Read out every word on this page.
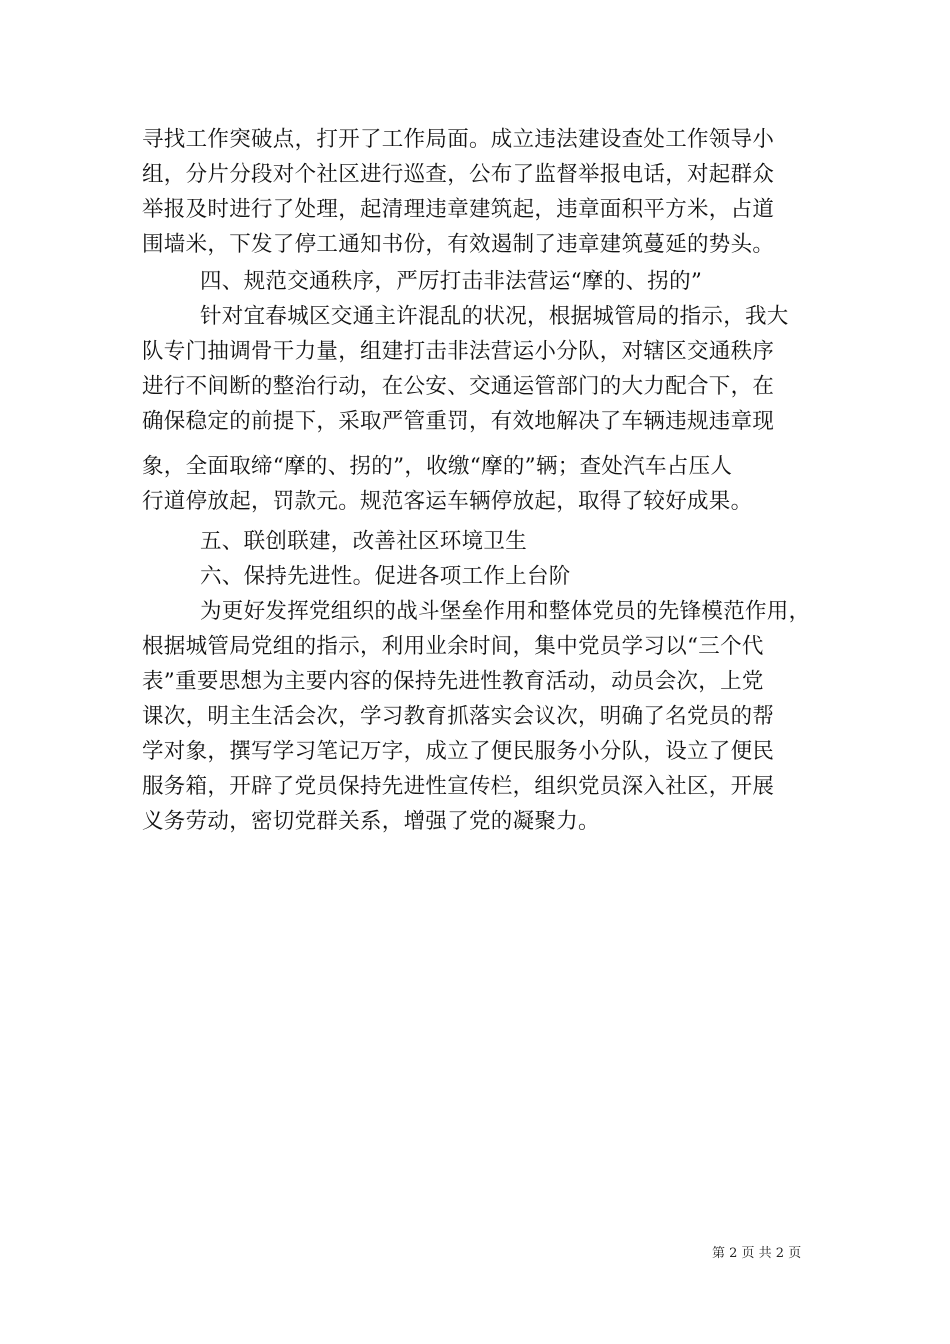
寻找工作突破点，打开了工作局面。成立违法建设查处工作领导小
组，分片分段对个社区进行巡查，公布了监督举报电话，对起群众
举报及时进行了处理，起清理违章建筑起，违章面积平方米，占道
围墙米，下发了停工通知书份，有效遏制了违章建筑蔓延的势头。
四、规范交通秩序，严厉打击非法营运“摩的、拐的”
针对宜春城区交通主许混乱的状况，根据城管局的指示，我大
队专门抽调骨干力量，组建打击非法营运小分队，对辖区交通秩序
进行不间断的整治行动，在公安、交通运管部门的大力配合下，在
确保稳定的前提下，采取严管重罚，有效地解决了车辆违规违章现
象，全面取缔“摩的、拐的”，收缴“摩的”辆；查处汽车占压人
行道停放起，罚款元。规范客运车辆停放起，取得了较好成果。
五、联创联建，改善社区环境卫生
六、保持先进性。促进各项工作上台阶
为更好发挥党组织的战斗堡垒作用和整体党员的先锋模范作用，
根据城管局党组的指示，利用业余时间，集中党员学习以“三个代
表”重要思想为主要内容的保持先进性教育活动，动员会次，上党
课次，明主生活会次，学习教育抓落实会议次，明确了名党员的帮
学对象，撰写学习笔记万字，成立了便民服务小分队，设立了便民
服务箱，开辟了党员保持先进性宣传栏，组织党员深入社区，开展
义务劳动，密切党群关系，增强了党的凝聚力。
第 2 页 共 2 页
